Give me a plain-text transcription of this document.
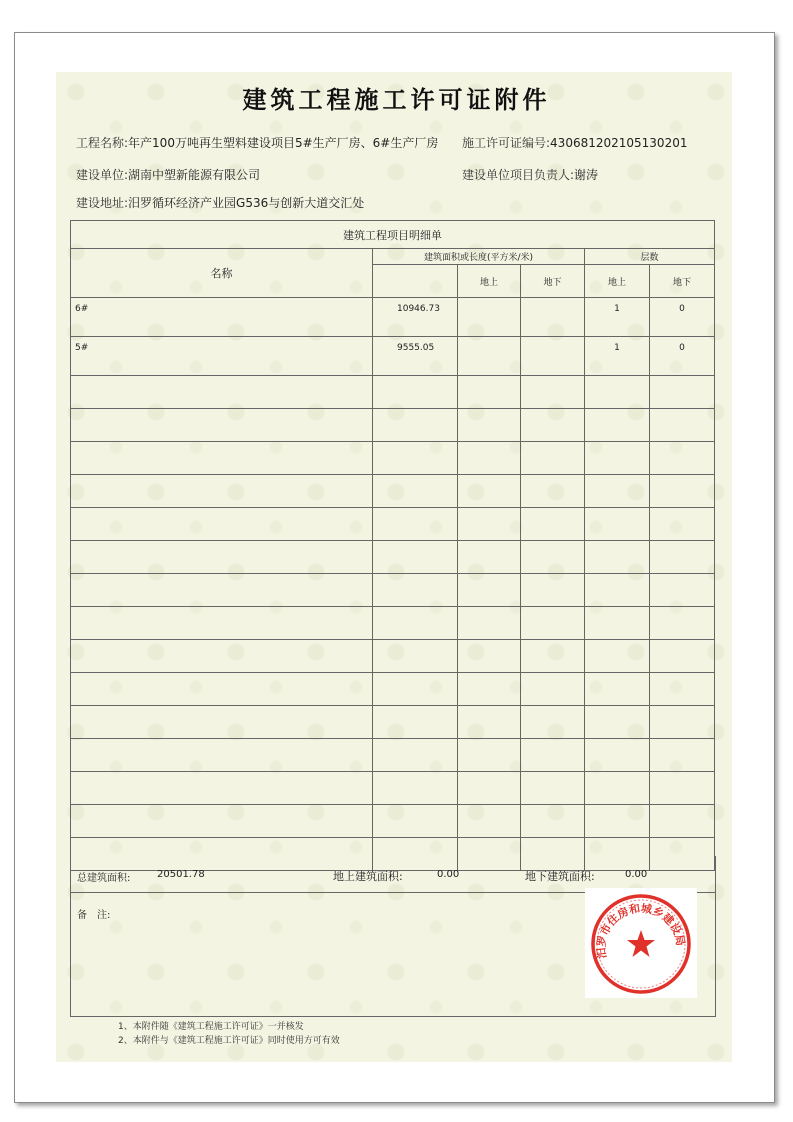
建筑工程施工许可证附件
工程名称:年产100万吨再生塑料建设项目5#生产厂房、6#生产厂房 施工许可证编号:430681202105130201
建设单位:湖南中塑新能源有限公司	建设单位项目负责人:谢涛
建设地址:汨罗循环经济产业园G536与创新大道交汇处
建筑工程项目明细单					
名称	建筑面积或长度(平方米/米)			层数	
		地上	地下	地上	地下
6#	10946.73			1	0
5#	9555.05			1	0

总建筑面积:	20501.78	地上建筑面积:	0.00	地下建筑面积:	0.00
备　注:
1、本附件随《建筑工程施工许可证》一并核发
2、本附件与《建筑工程施工许可证》同时使用方可有效
汨罗市住房和城乡建设局
